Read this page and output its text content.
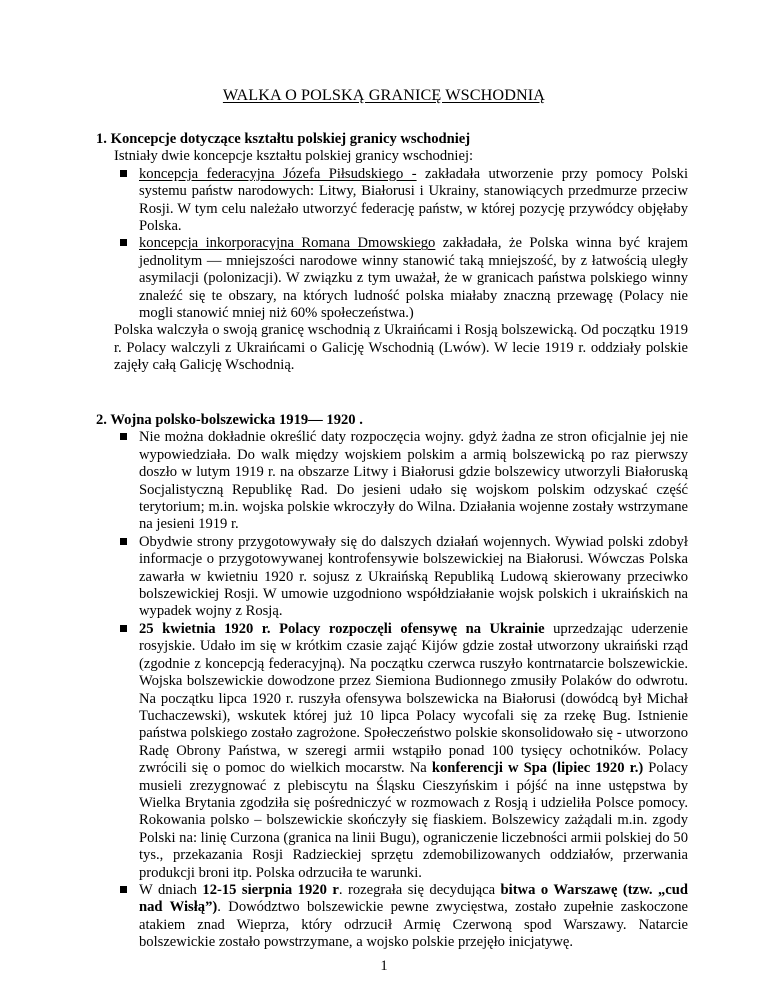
WALKA O POLSKĄ GRANICĘ WSCHODNIĄ

1. Koncepcje dotyczące kształtu polskiej granicy wschodniej

Istniały dwie koncepcje kształtu polskiej granicy wschodniej:

koncepcja federacyjna Józefa Piłsudskiego - zakładała utworzenie przy pomocy Polski systemu państw narodowych: Litwy, Białorusi i Ukrainy, stanowiących przedmurze przeciw Rosji. W tym celu należało utworzyć federację państw, w której pozycję przywódcy objęłaby Polska.
koncepcja inkorporacyjna Romana Dmowskiego zakładała, że Polska winna być krajem jednolitym — mniejszości narodowe winny stanowić taką mniejszość, by z łatwością uległy asymilacji (polonizacji). W związku z tym uważał, że w granicach państwa polskiego winny znaleźć się te obszary, na których ludność polska miałaby znaczną przewagę (Polacy nie mogli stanowić mniej niż 60% społeczeństwa.)

Polska walczyła o swoją granicę wschodnią z Ukraińcami i Rosją bolszewicką. Od początku 1919 r. Polacy walczyli z Ukraińcami o Galicję Wschodnią (Lwów). W lecie 1919 r. oddziały polskie zajęły całą Galicję Wschodnią.

2. Wojna polsko-bolszewicka 1919— 1920 .

Nie można dokładnie określić daty rozpoczęcia wojny. gdyż żadna ze stron oficjalnie jej nie wypowiedziała. Do walk między wojskiem polskim a armią bolszewicką po raz pierwszy doszło w lutym 1919 r. na obszarze Litwy i Białorusi gdzie bolszewicy utworzyli Białoruską Socjalistyczną Republikę Rad. Do jesieni udało się wojskom polskim odzyskać część terytorium; m.in. wojska polskie wkroczyły do Wilna. Działania wojenne zostały wstrzymane na jesieni 1919 r.
Obydwie strony przygotowywały się do dalszych działań wojennych. Wywiad polski zdobył informacje o przygotowywanej kontrofensywie bolszewickiej na Białorusi. Wówczas Polska zawarła w kwietniu 1920 r. sojusz z Ukraińską Republiką Ludową skierowany przeciwko bolszewickiej Rosji. W umowie uzgodniono współdziałanie wojsk polskich i ukraińskich na wypadek wojny z Rosją.
25 kwietnia 1920 r. Polacy rozpoczęli ofensywę na Ukrainie uprzedzając uderzenie rosyjskie. Udało im się w krótkim czasie zająć Kijów gdzie został utworzony ukraiński rząd (zgodnie z koncepcją federacyjną). Na początku czerwca ruszyło kontrnatarcie bolszewickie. Wojska bolszewickie dowodzone przez Siemiona Budionnego zmusiły Polaków do odwrotu. Na początku lipca 1920 r. ruszyła ofensywa bolszewicka na Białorusi (dowódcą był Michał Tuchaczewski), wskutek której już 10 lipca Polacy wycofali się za rzekę Bug. Istnienie państwa polskiego zostało zagrożone. Społeczeństwo polskie skonsolidowało się - utworzono Radę Obrony Państwa, w szeregi armii wstąpiło ponad 100 tysięcy ochotników. Polacy zwrócili się o pomoc do wielkich mocarstw. Na konferencji w Spa (lipiec 1920 r.) Polacy musieli zrezygnować z plebiscytu na Śląsku Cieszyńskim i pójść na inne ustępstwa by Wielka Brytania zgodziła się pośredniczyć w rozmowach z Rosją i udzieliła Polsce pomocy. Rokowania polsko – bolszewickie skończyły się fiaskiem. Bolszewicy zażądali m.in. zgody Polski na: linię Curzona (granica na linii Bugu), ograniczenie liczebności armii polskiej do 50 tys., przekazania Rosji Radzieckiej sprzętu zdemobilizowanych oddziałów, przerwania produkcji broni itp. Polska odrzuciła te warunki.
W dniach 12-15 sierpnia 1920 r. rozegrała się decydująca bitwa o Warszawę (tzw. „cud nad Wisłą”). Dowództwo bolszewickie pewne zwycięstwa, zostało zupełnie zaskoczone atakiem znad Wieprza, który odrzucił Armię Czerwoną spod Warszawy. Natarcie bolszewickie zostało powstrzymane, a wojsko polskie przejęło inicjatywę.
1
